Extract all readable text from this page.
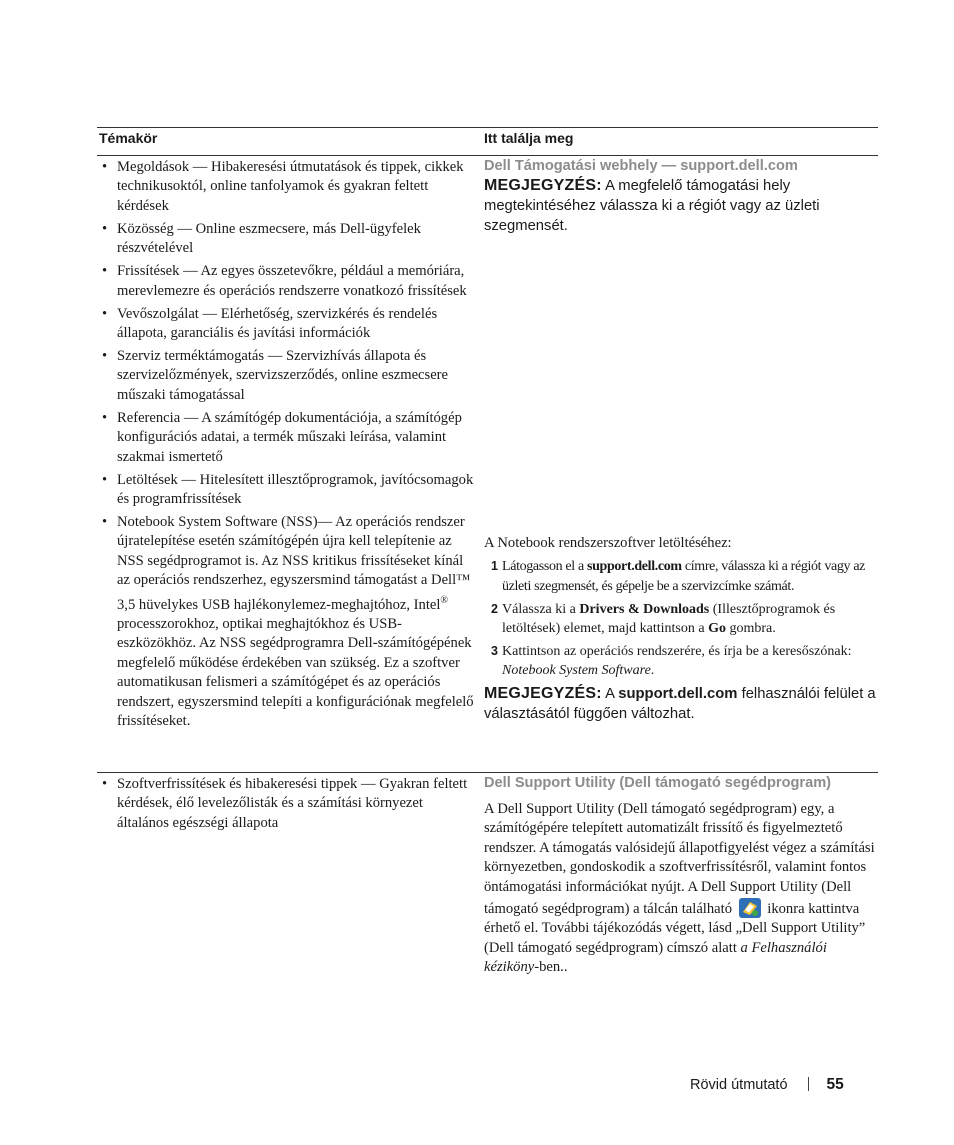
Témakör	Itt találja meg
• Megoldások — Hibakeresési útmutatások és tippek, cikkek technikusoktól, online tanfolyamok és gyakran feltett kérdések
• Közösség — Online eszmecsere, más Dell-ügyfelek részvételével
• Frissítések — Az egyes összetevőkre, például a memóriára, merevlemezre és operációs rendszerre vonatkozó frissítések
• Vevőszolgálat — Elérhetőség, szervizkérés és rendelés állapota, garanciális és javítási információk
• Szerviz terméktámogatás — Szervizhívás állapota és szervizelőzmények, szervizszerződés, online eszmecsere műszaki támogatással
• Referencia — A számítógép dokumentációja, a számítógép konfigurációs adatai, a termék műszaki leírása, valamint szakmai ismertető
• Letöltések — Hitelesített illesztőprogramok, javítócsomagok és programfrissítések
• Notebook System Software (NSS)— Az operációs rendszer újratelepítése esetén számítógépén újra kell telepítenie az NSS segédprogramot is. Az NSS kritikus frissítéseket kínál az operációs rendszerhez, egyszersmind támogatást a Dell™ 3,5 hüvelykes USB hajlékonylemez-meghajtóhoz, Intel® processzorokhoz, optikai meghajtókhoz és USB-eszközökhöz. Az NSS segédprogramra Dell-számítógépének megfelelő működése érdekében van szükség. Ez a szoftver automatikusan felismeri a számítógépet és az operációs rendszert, egyszersmind telepíti a konfigurációnak megfelelő frissítéseket.
Dell Támogatási webhely — support.dell.com
MEGJEGYZÉS: A megfelelő támogatási hely megtekintéséhez válassza ki a régiót vagy az üzleti szegmensét.
A Notebook rendszerszoftver letöltéséhez:
1 Látogasson el a support.dell.com címre, válassza ki a régiót vagy az üzleti szegmensét, és gépelje be a szervizcímke számát.
2 Válassza ki a Drivers & Downloads (Illesztőprogramok és letöltések) elemet, majd kattintson a Go gombra.
3 Kattintson az operációs rendszerére, és írja be a keresőszónak: Notebook System Software.
MEGJEGYZÉS: A support.dell.com felhasználói felület a választásától függően változhat.
• Szoftverfrissítések és hibakeresési tippek — Gyakran feltett kérdések, élő levelezőlisták és a számítási környezet általános egészségi állapota
Dell Support Utility (Dell támogató segédprogram)
A Dell Support Utility (Dell támogató segédprogram) egy, a számítógépére telepített automatizált frissítő és figyelmeztető rendszer. A támogatás valósidejű állapotfigyelést végez a számítási környezetben, gondoskodik a szoftverfrissítésről, valamint fontos öntámogatási információkat nyújt. A Dell Support Utility (Dell támogató segédprogram) a tálcán található  ikonra kattintva érhető el. További tájékozódás végett, lásd „Dell Support Utility” (Dell támogató segédprogram) címszó alatt a Felhasználói kéziköny-ben..
Rövid útmutató	55
